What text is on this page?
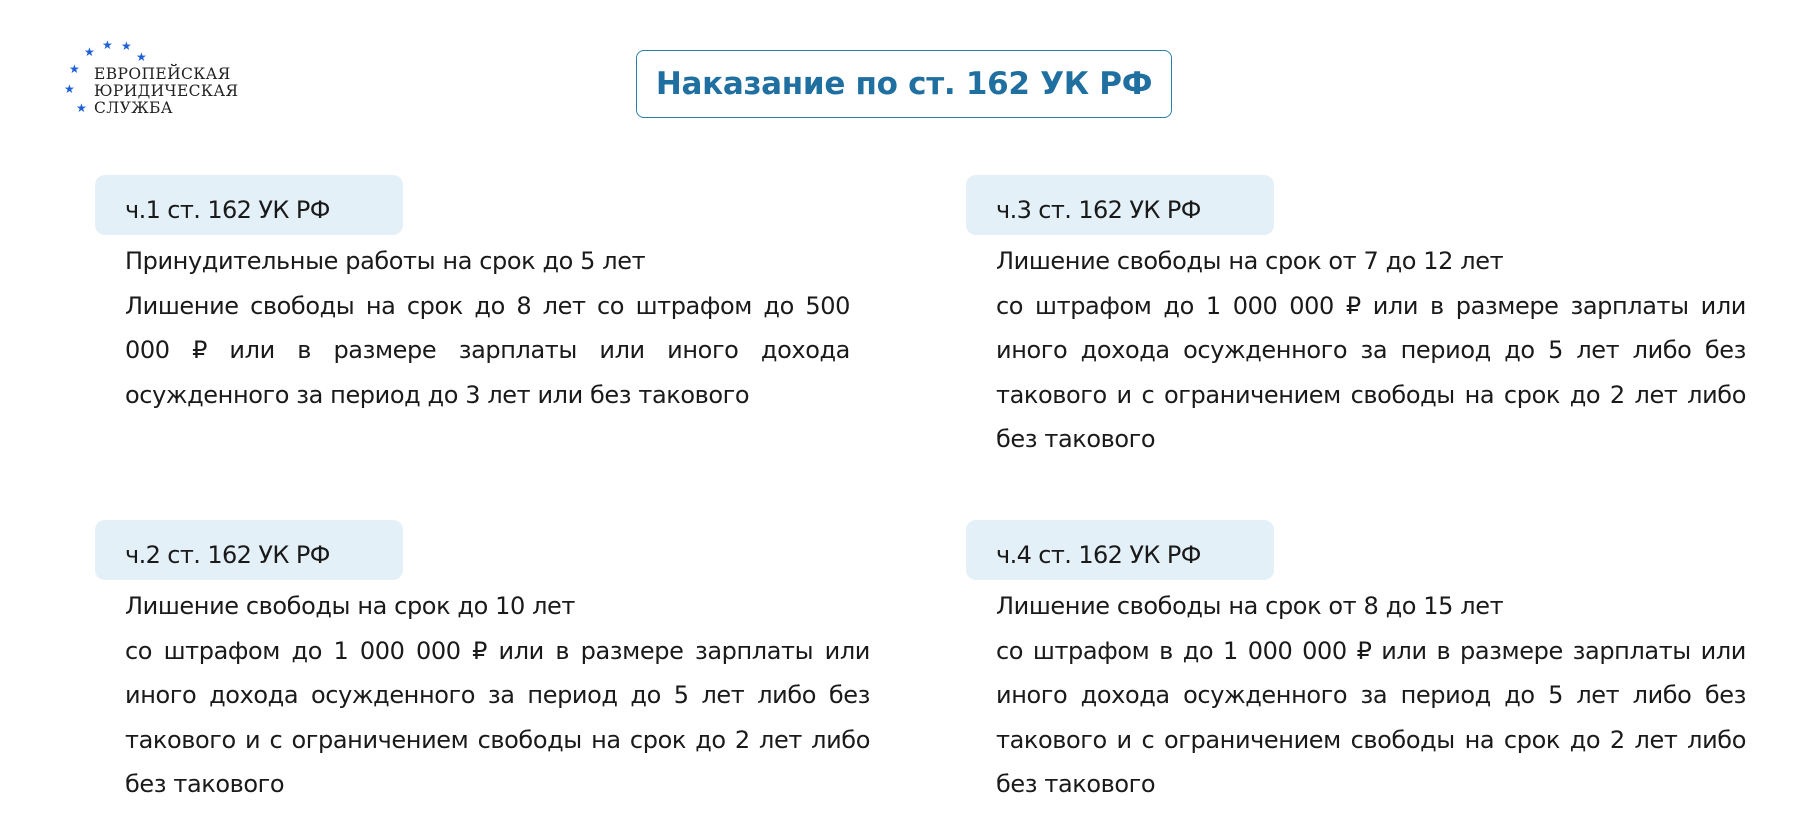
★ ★ ★
★
★
★
★
ЕВРОПЕЙСКАЯ
ЮРИДИЧЕСКАЯ
СЛУЖБА
Наказание по ст. 162 УК РФ
ч.1 ст. 162 УК РФ

Принудительные работы на срок до 5 лет

Лишение свободы на срок до 8 лет со штрафом до 500 000 ₽ или в размере зарплаты или иного дохода осужденного за период до 3 лет или без такового

ч.3 ст. 162 УК РФ

Лишение свободы на срок от 7 до 12 лет

со штрафом до 1 000 000 ₽ или в размере зарплаты или иного дохода осужденного за период до 5 лет либо без такового и с ограничением свободы на срок до 2 лет либо без такового

ч.2 ст. 162 УК РФ

Лишение свободы на срок до 10 лет

со штрафом до 1 000 000 ₽ или в размере зарплаты или иного дохода осужденного за период до 5 лет либо без такового и с ограничением свободы на срок до 2 лет либо без такового

ч.4 ст. 162 УК РФ

Лишение свободы на срок от 8 до 15 лет

со штрафом в до 1 000 000 ₽ или в размере зарплаты или иного дохода осужденного за период до 5 лет либо без такового и с ограничением свободы на срок до 2 лет либо без такового
